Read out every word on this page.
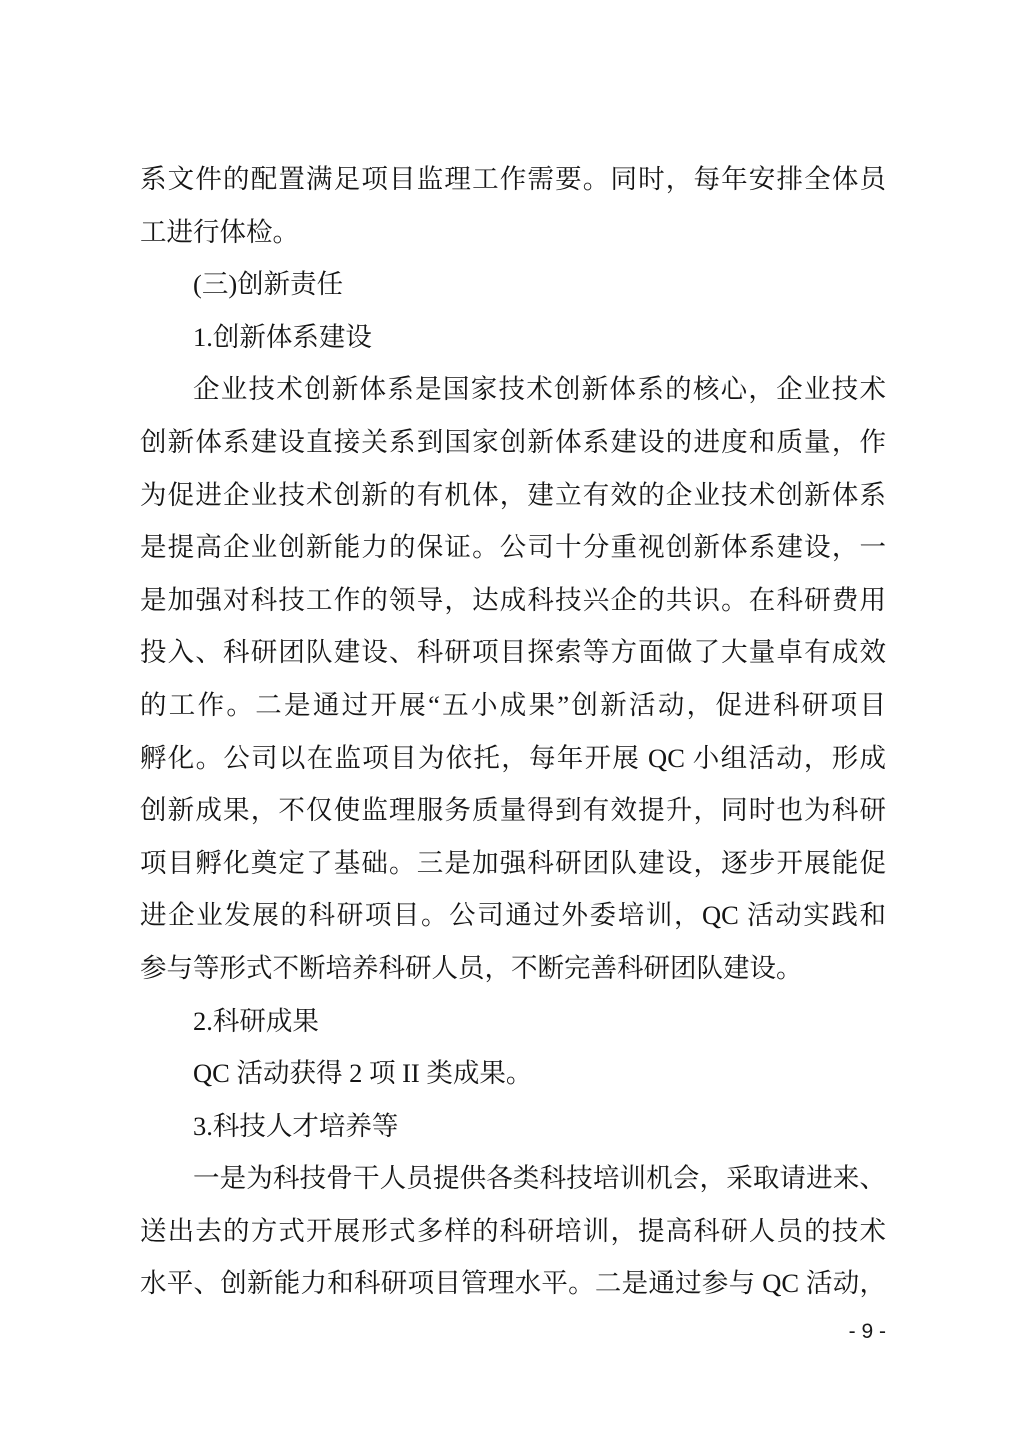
系文件的配置满足项目监理工作需要。同时，每年安排全体员
工进行体检。
(三)创新责任
1.创新体系建设
企业技术创新体系是国家技术创新体系的核心，企业技术
创新体系建设直接关系到国家创新体系建设的进度和质量，作
为促进企业技术创新的有机体，建立有效的企业技术创新体系
是提高企业创新能力的保证。公司十分重视创新体系建设，一
是加强对科技工作的领导，达成科技兴企的共识。在科研费用
投入、科研团队建设、科研项目探索等方面做了大量卓有成效
的工作。二是通过开展“五小成果”创新活动，促进科研项目
孵化。公司以在监项目为依托，每年开展 QC 小组活动，形成
创新成果，不仅使监理服务质量得到有效提升，同时也为科研
项目孵化奠定了基础。三是加强科研团队建设，逐步开展能促
进企业发展的科研项目。公司通过外委培训，QC 活动实践和
参与等形式不断培养科研人员，不断完善科研团队建设。
2.科研成果
QC 活动获得 2 项 II 类成果。
3.科技人才培养等
一是为科技骨干人员提供各类科技培训机会，采取请进来、
送出去的方式开展形式多样的科研培训，提高科研人员的技术
水平、创新能力和科研项目管理水平。二是通过参与 QC 活动，
- 9 -
